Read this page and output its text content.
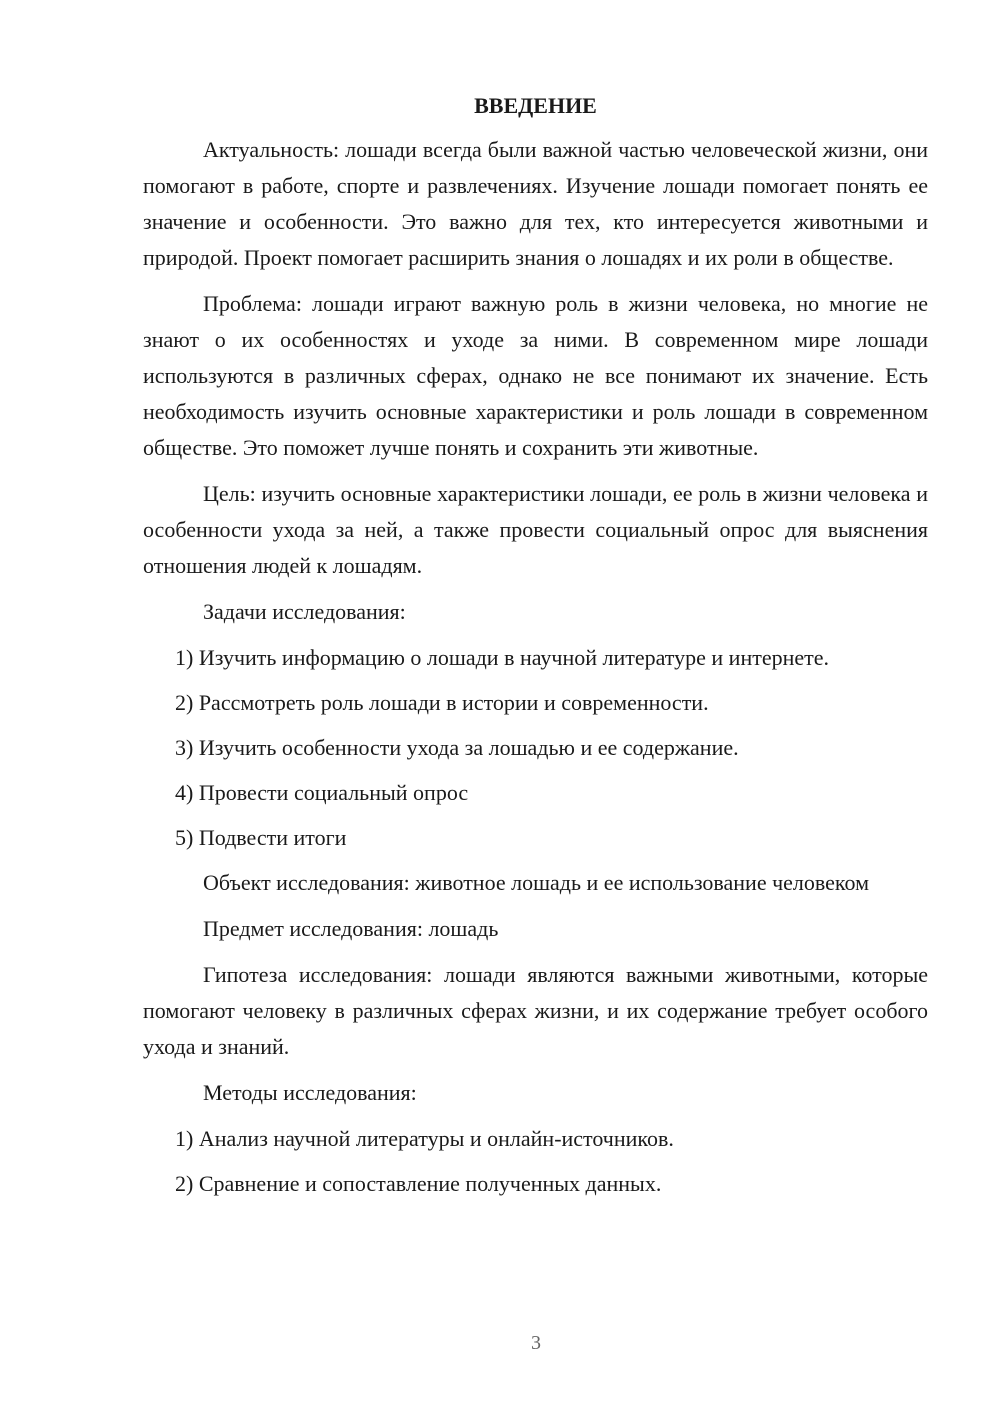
ВВЕДЕНИЕ

Актуальность: лошади всегда были важной частью человеческой жизни, они помогают в работе, спорте и развлечениях. Изучение лошади помогает понять ее значение и особенности. Это важно для тех, кто интересуется животными и природой. Проект помогает расширить знания о лошадях и их роли в обществе.

Проблема: лошади играют важную роль в жизни человека, но многие не знают о их особенностях и уходе за ними. В современном мире лошади используются в различных сферах, однако не все понимают их значение. Есть необходимость изучить основные характеристики и роль лошади в современном обществе. Это поможет лучше понять и сохранить эти животные.

Цель: изучить основные характеристики лошади, ее роль в жизни человека и особенности ухода за ней, а также провести социальный опрос для выяснения отношения людей к лошадям.

Задачи исследования:

1) Изучить информацию о лошади в научной литературе и интернете.

2) Рассмотреть роль лошади в истории и современности.

3) Изучить особенности ухода за лошадью и ее содержание.

4) Провести социальный опрос

5) Подвести итоги

Объект исследования: животное лошадь и ее использование человеком

Предмет исследования: лошадь

Гипотеза исследования: лошади являются важными животными, которые помогают человеку в различных сферах жизни, и их содержание требует особого ухода и знаний.

Методы исследования:

1) Анализ научной литературы и онлайн-источников.

2) Сравнение и сопоставление полученных данных.

3
